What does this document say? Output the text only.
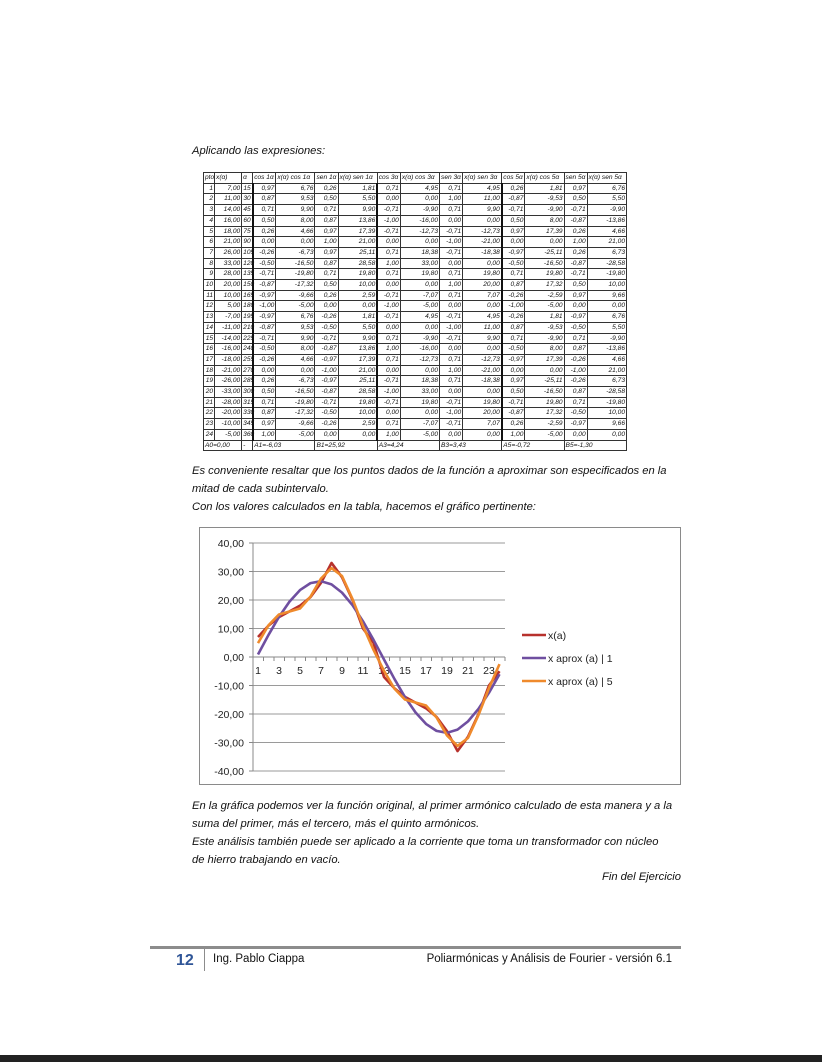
Aplicando las expresiones:
pto	x(α)	α	cos 1α	x(α) cos 1α	sen 1α	x(α) sen 1α	cos 3α	x(α) cos 3α	sen 3α	x(α) sen 3α	cos 5α	x(α) cos 5α	sen 5α	x(α) sen 5α
1	7,00	15	0,97	6,76	0,26	1,81	0,71	4,95	0,71	4,95	0,26	1,81	0,97	6,76
2	11,00	30	0,87	9,53	0,50	5,50	0,00	0,00	1,00	11,00	-0,87	-9,53	0,50	5,50
3	14,00	45	0,71	9,90	0,71	9,90	-0,71	-9,90	0,71	9,90	-0,71	-9,90	-0,71	-9,90
4	16,00	60	0,50	8,00	0,87	13,86	-1,00	-16,00	0,00	0,00	0,50	8,00	-0,87	-13,86
5	18,00	75	0,26	4,66	0,97	17,39	-0,71	-12,73	-0,71	-12,73	0,97	17,39	0,26	4,66
6	21,00	90	0,00	0,00	1,00	21,00	0,00	0,00	-1,00	-21,00	0,00	0,00	1,00	21,00
7	26,00	105	-0,26	-6,73	0,97	25,11	0,71	18,38	-0,71	-18,38	-0,97	-25,11	0,26	6,73
8	33,00	120	-0,50	-16,50	0,87	28,58	1,00	33,00	0,00	0,00	-0,50	-16,50	-0,87	-28,58
9	28,00	135	-0,71	-19,80	0,71	19,80	0,71	19,80	0,71	19,80	0,71	19,80	-0,71	-19,80
10	20,00	150	-0,87	-17,32	0,50	10,00	0,00	0,00	1,00	20,00	0,87	17,32	0,50	10,00
11	10,00	165	-0,97	-9,66	0,26	2,59	-0,71	-7,07	0,71	7,07	-0,26	-2,59	0,97	9,66
12	5,00	180	-1,00	-5,00	0,00	0,00	-1,00	-5,00	0,00	0,00	-1,00	-5,00	0,00	0,00
13	-7,00	195	-0,97	6,76	-0,26	1,81	-0,71	4,95	-0,71	4,95	-0,26	1,81	-0,97	6,76
14	-11,00	210	-0,87	9,53	-0,50	5,50	0,00	0,00	-1,00	11,00	0,87	-9,53	-0,50	5,50
15	-14,00	225	-0,71	9,90	-0,71	9,90	0,71	-9,90	-0,71	9,90	0,71	-9,90	0,71	-9,90
16	-16,00	240	-0,50	8,00	-0,87	13,86	1,00	-16,00	0,00	0,00	-0,50	8,00	0,87	-13,86
17	-18,00	255	-0,26	4,66	-0,97	17,39	0,71	-12,73	0,71	-12,73	-0,97	17,39	-0,26	4,66
18	-21,00	270	0,00	0,00	-1,00	21,00	0,00	0,00	1,00	-21,00	0,00	0,00	-1,00	21,00
19	-26,00	285	0,26	-6,73	-0,97	25,11	-0,71	18,38	0,71	-18,38	0,97	-25,11	-0,26	6,73
20	-33,00	300	0,50	-16,50	-0,87	28,58	-1,00	33,00	0,00	0,00	0,50	-16,50	0,87	-28,58
21	-28,00	315	0,71	-19,80	-0,71	19,80	-0,71	19,80	-0,71	19,80	-0,71	19,80	0,71	-19,80
22	-20,00	330	0,87	-17,32	-0,50	10,00	0,00	0,00	-1,00	20,00	-0,87	17,32	-0,50	10,00
23	-10,00	345	0,97	-9,66	-0,26	2,59	0,71	-7,07	-0,71	7,07	0,26	-2,59	-0,97	9,66
24	-5,00	360	1,00	-5,00	0,00	0,00	1,00	-5,00	0,00	0,00	1,00	-5,00	0,00	0,00
A0=0,00		-	A1=-6,03		B1=25,92		A3=4,24		B3=3,43		A5=-0,72		B5=-1,30	
Es conveniente resaltar que los puntos dados de la función a aproximar son especificados en la mitad de cada subintervalo.
Con los valores calculados en la tabla, hacemos el gráfico pertinente:
40,00
30,00
20,00
10,00
0,00
-10,00
-20,00
-30,00
-40,00
1 3 5 7 9 11 13 15 17 19 21 23
x(a)
x aprox (a) | 1
x aprox (a) | 5
En la gráfica podemos ver la función original, al primer armónico calculado de esta manera y a la suma del primer, más el tercero, más el quinto armónicos.
Este análisis también puede ser aplicado a la corriente que toma un transformador con núcleo de hierro trabajando en vacío.
Fin del Ejercicio
12 Ing. Pablo Ciappa	Poliarmónicas y Análisis de Fourier - versión 6.1
